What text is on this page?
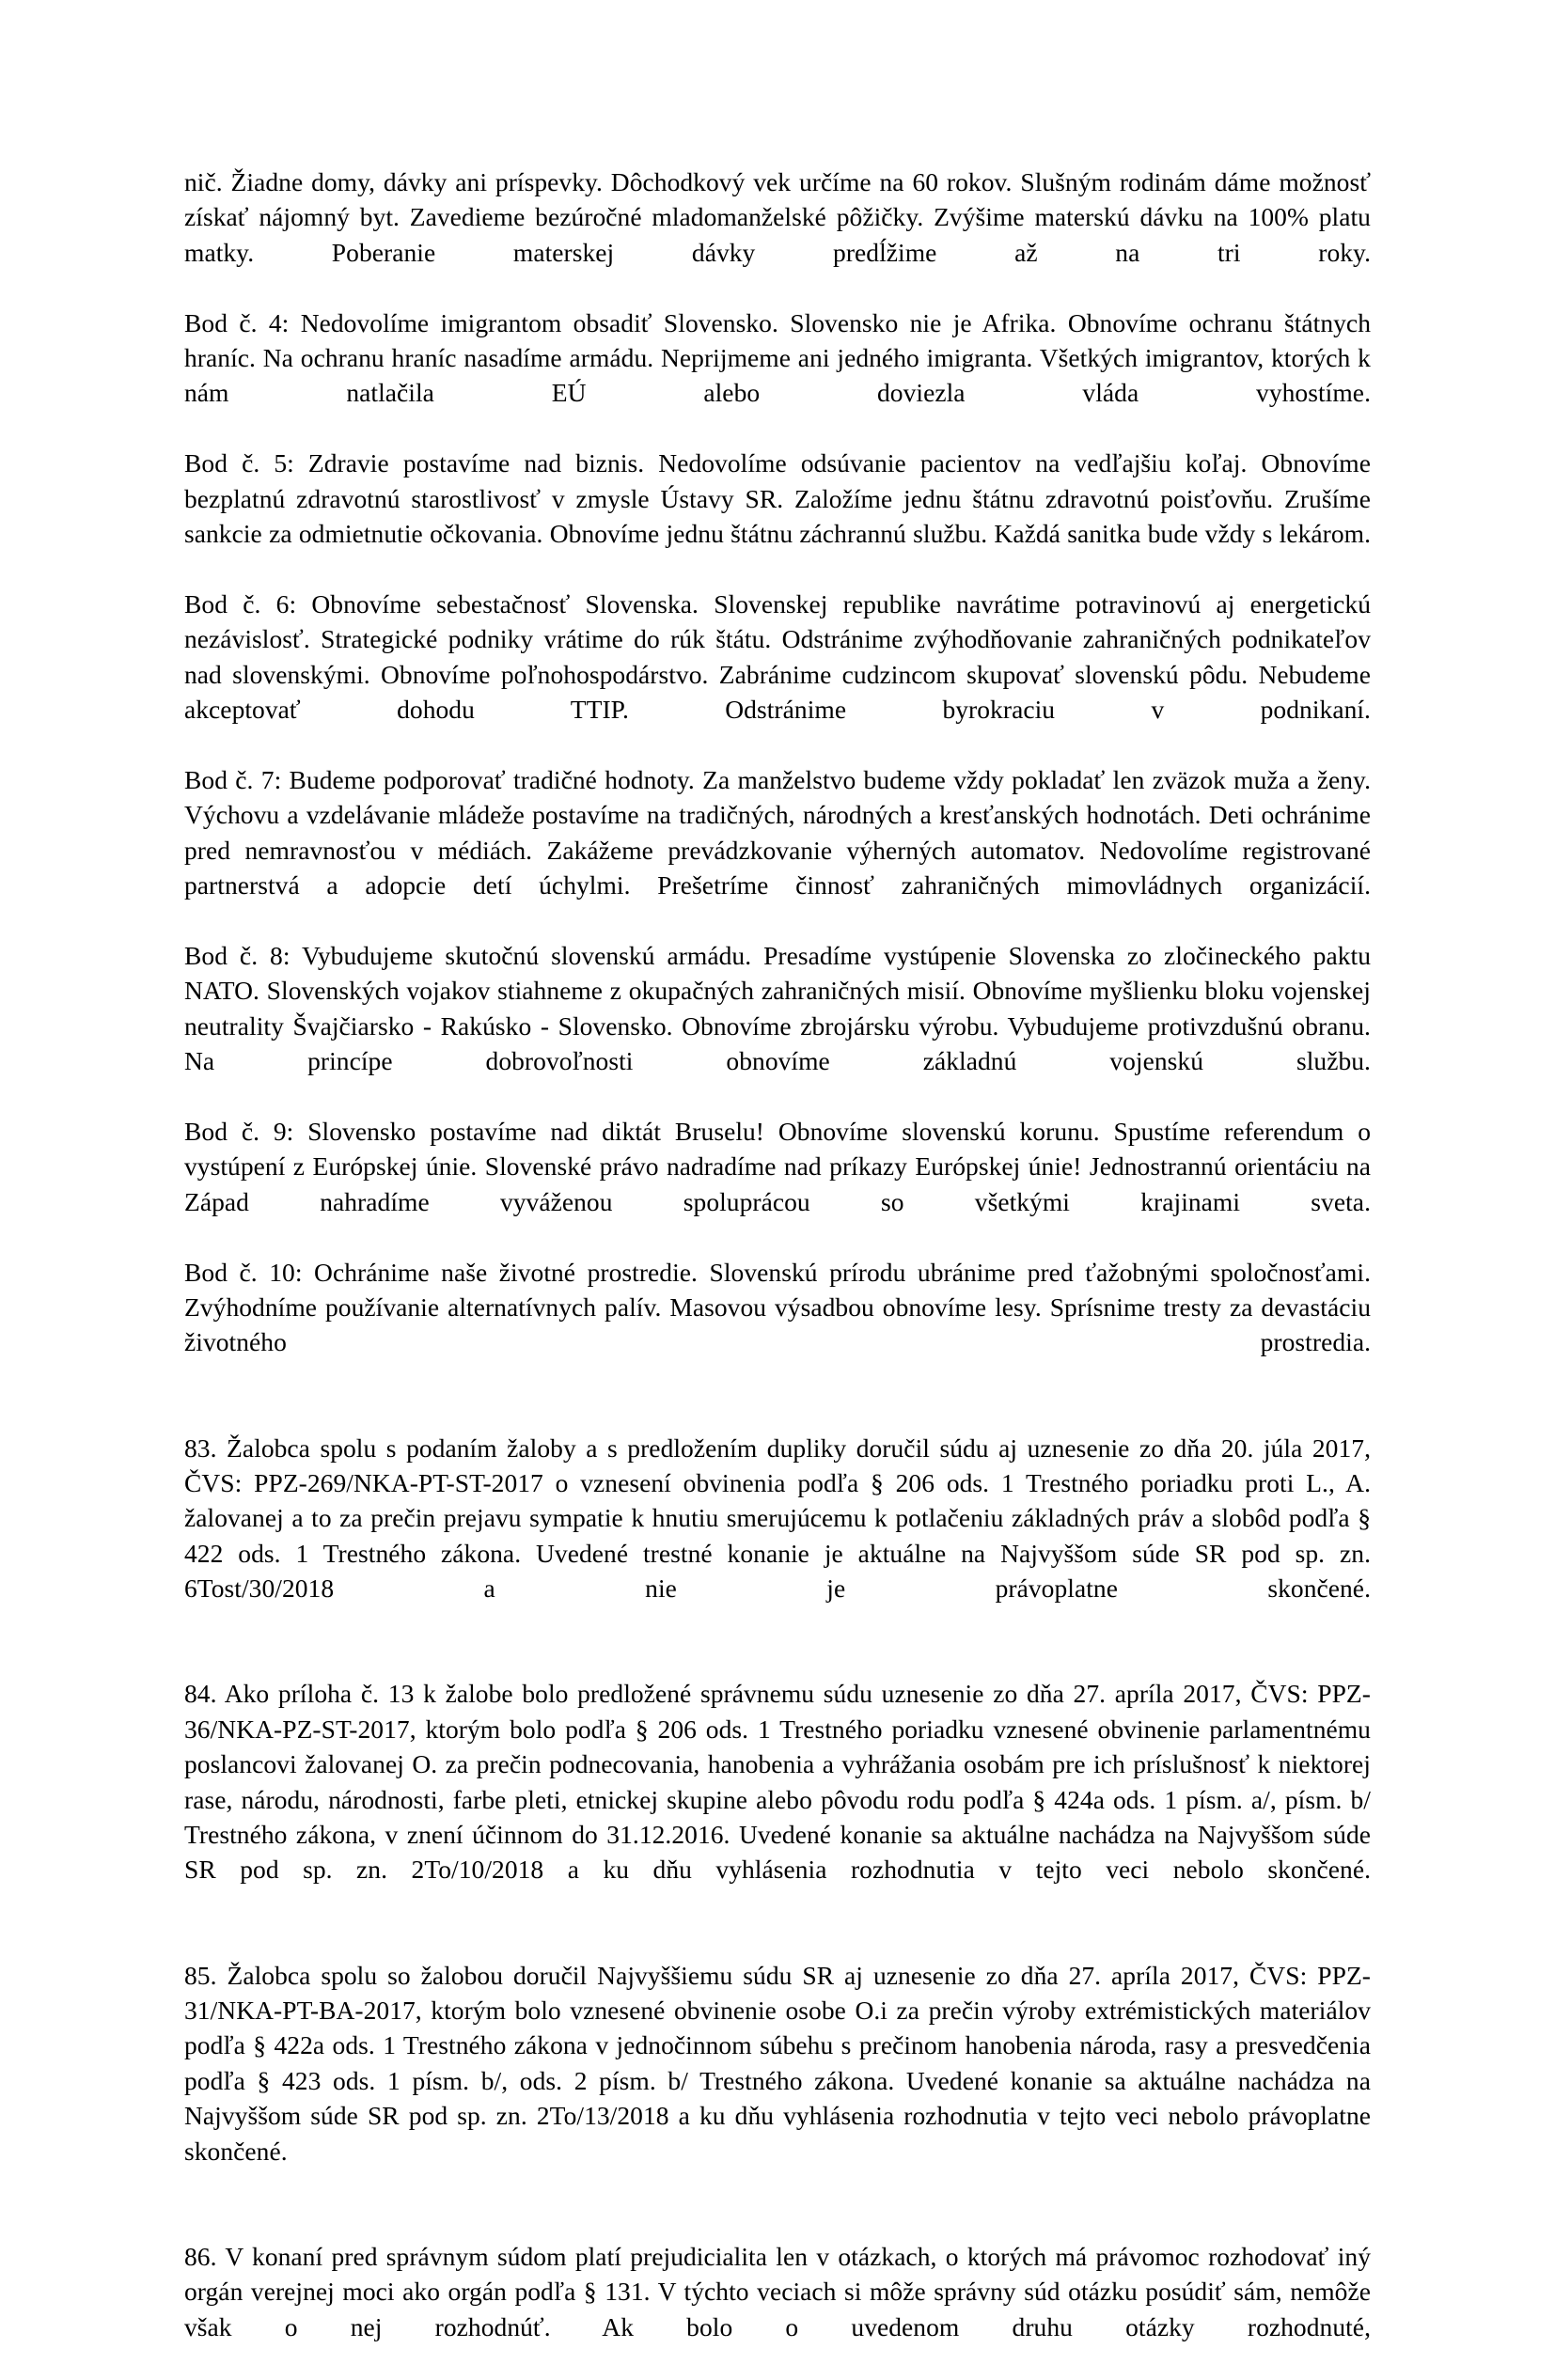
nič. Žiadne domy, dávky ani príspevky. Dôchodkový vek určíme na 60 rokov. Slušným rodinám dáme možnosť získať nájomný byt. Zavedieme bezúročné mladomanželské pôžičky. Zvýšime materskú dávku na 100% platu matky. Poberanie materskej dávky predĺžime až na tri roky.

Bod č. 4: Nedovolíme imigrantom obsadiť Slovensko. Slovensko nie je Afrika. Obnovíme ochranu štátnych hraníc. Na ochranu hraníc nasadíme armádu. Neprijmeme ani jedného imigranta. Všetkých imigrantov, ktorých k nám natlačila EÚ alebo doviezla vláda vyhostíme.

Bod č. 5: Zdravie postavíme nad biznis. Nedovolíme odsúvanie pacientov na vedľajšiu koľaj. Obnovíme bezplatnú zdravotnú starostlivosť v zmysle Ústavy SR. Založíme jednu štátnu zdravotnú poisťovňu. Zrušíme sankcie za odmietnutie očkovania. Obnovíme jednu štátnu záchrannú službu. Každá sanitka bude vždy s lekárom.

Bod č. 6: Obnovíme sebestačnosť Slovenska. Slovenskej republike navrátime potravinovú aj energetickú nezávislosť. Strategické podniky vrátime do rúk štátu. Odstránime zvýhodňovanie zahraničných podnikateľov nad slovenskými. Obnovíme poľnohospodárstvo. Zabránime cudzincom skupovať slovenskú pôdu. Nebudeme akceptovať dohodu TTIP. Odstránime byrokraciu v podnikaní.

Bod č. 7: Budeme podporovať tradičné hodnoty. Za manželstvo budeme vždy pokladať len zväzok muža a ženy. Výchovu a vzdelávanie mládeže postavíme na tradičných, národných a kresťanských hodnotách. Deti ochránime pred nemravnosťou v médiách. Zakážeme prevádzkovanie výherných automatov. Nedovolíme registrované partnerstvá a adopcie detí úchylmi. Prešetríme činnosť zahraničných mimovládnych organizácií.

Bod č. 8: Vybudujeme skutočnú slovenskú armádu. Presadíme vystúpenie Slovenska zo zločineckého paktu NATO. Slovenských vojakov stiahneme z okupačných zahraničných misií. Obnovíme myšlienku bloku vojenskej neutrality Švajčiarsko - Rakúsko - Slovensko. Obnovíme zbrojársku výrobu. Vybudujeme protivzdušnú obranu. Na princípe dobrovoľnosti obnovíme základnú vojenskú službu.

Bod č. 9: Slovensko postavíme nad diktát Bruselu! Obnovíme slovenskú korunu. Spustíme referendum o vystúpení z Európskej únie. Slovenské právo nadradíme nad príkazy Európskej únie! Jednostrannú orientáciu na Západ nahradíme vyváženou spoluprácou so všetkými krajinami sveta.

Bod č. 10: Ochránime naše životné prostredie. Slovenskú prírodu ubránime pred ťažobnými spoločnosťami. Zvýhodníme používanie alternatívnych palív. Masovou výsadbou obnovíme lesy. Sprísnime tresty za devastáciu životného prostredia.

83. Žalobca spolu s podaním žaloby a s predložením dupliky doručil súdu aj uznesenie zo dňa 20. júla 2017, ČVS: PPZ-269/NKA-PT-ST-2017 o vznesení obvinenia podľa § 206 ods. 1 Trestného poriadku proti L., A. žalovanej a to za prečin prejavu sympatie k hnutiu smerujúcemu k potlačeniu základných práv a slobôd podľa § 422 ods. 1 Trestného zákona. Uvedené trestné konanie je aktuálne na Najvyššom súde SR pod sp. zn. 6Tost/30/2018 a nie je právoplatne skončené.

84. Ako príloha č. 13 k žalobe bolo predložené správnemu súdu uznesenie zo dňa 27. apríla 2017, ČVS: PPZ-36/NKA-PZ-ST-2017, ktorým bolo podľa § 206 ods. 1 Trestného poriadku vznesené obvinenie parlamentnému poslancovi žalovanej O. za prečin podnecovania, hanobenia a vyhrážania osobám pre ich príslušnosť k niektorej rase, národu, národnosti, farbe pleti, etnickej skupine alebo pôvodu rodu podľa § 424a ods. 1 písm. a/, písm. b/ Trestného zákona, v znení účinnom do 31.12.2016. Uvedené konanie sa aktuálne nachádza na Najvyššom súde SR pod sp. zn. 2To/10/2018 a ku dňu vyhlásenia rozhodnutia v tejto veci nebolo skončené.

85. Žalobca spolu so žalobou doručil Najvyššiemu súdu SR aj uznesenie zo dňa 27. apríla 2017, ČVS: PPZ-31/NKA-PT-BA-2017, ktorým bolo vznesené obvinenie osobe O.i za prečin výroby extrémistických materiálov podľa § 422a ods. 1 Trestného zákona v jednočinnom súbehu s prečinom hanobenia národa, rasy a presvedčenia podľa § 423 ods. 1 písm. b/, ods. 2 písm. b/ Trestného zákona. Uvedené konanie sa aktuálne nachádza na Najvyššom súde SR pod sp. zn. 2To/13/2018 a ku dňu vyhlásenia rozhodnutia v tejto veci nebolo právoplatne skončené.

86. V konaní pred správnym súdom platí prejudicialita len v otázkach, o ktorých má právomoc rozhodovať iný orgán verejnej moci ako orgán podľa § 131. V týchto veciach si môže správny súd otázku posúdiť sám, nemôže však o nej rozhodnúť. Ak bolo o uvedenom druhu otázky rozhodnuté,
